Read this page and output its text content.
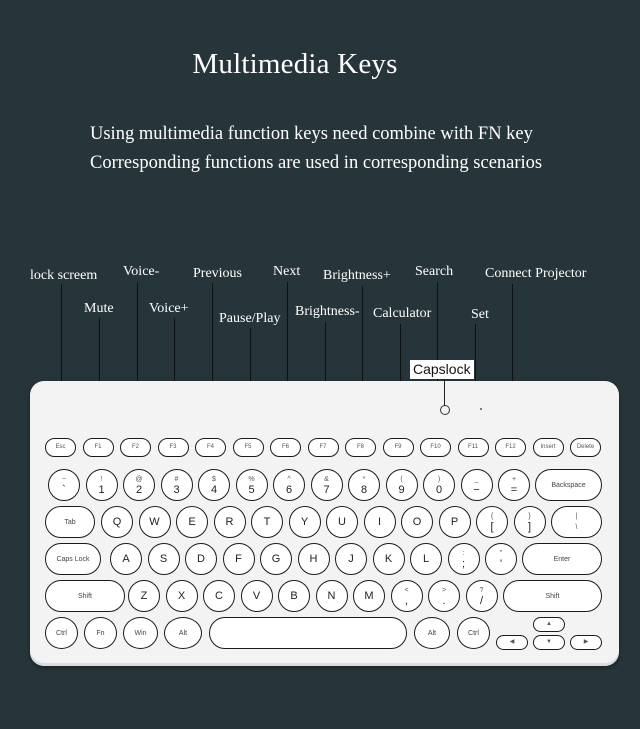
Multimedia Keys
Using multimedia function keys need combine with FN key
Corresponding functions are used in corresponding scenarios
lock screem
Mute
Voice-
Voice+
Previous
Pause/Play
Next
Brightness-
Brightness+
Calculator
Search
Set
Connect Projector
Capslock
Esc	F1	F2	F3	F4	F5	F6	F7	F8	F9	F10	F11	F12	Insert	Delete
~
`
!
1
@
2
#
3
$
4
%
5
^
6
&
7
*
8
(
9
)
0
_
−
+
=	Backspace
Tab	Q	W	E	R	T	Y	U	I	O	P	{
[
}
]
|
\
Caps Lock	A	S	D	F	G	H	J	K	L	:
;
"
'	Enter
Shift	Z	X	C	V	B	N	M	<
,
>
.
?
/	Shift
Ctrl	Fn	Win	Alt	Alt	Ctrl
▲
◀	▼	▶
